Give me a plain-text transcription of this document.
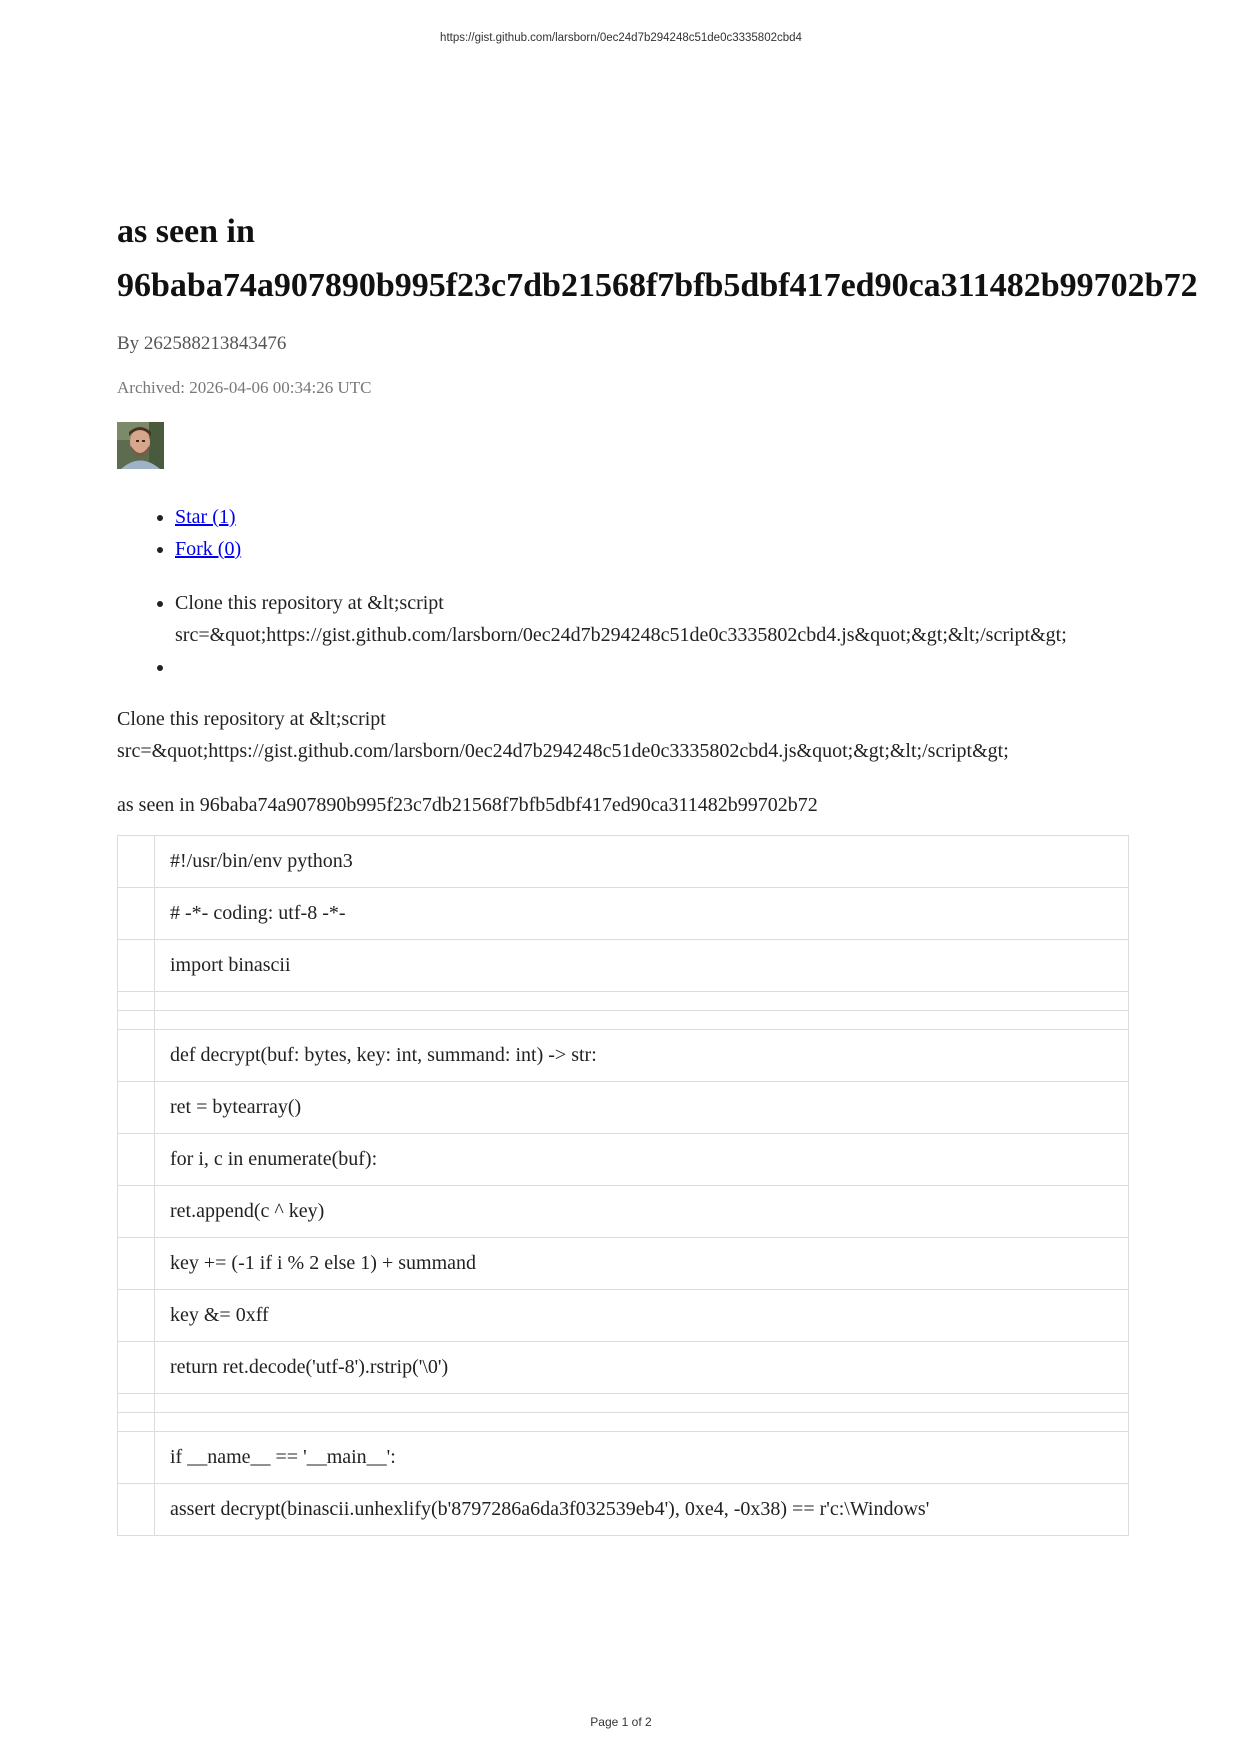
https://gist.github.com/larsborn/0ec24d7b294248c51de0c3335802cbd4
as seen in
96baba74a907890b995f23c7db21568f7bfb5dbf417ed90ca311482b99702b72
By 262588213843476
Archived: 2026-04-06 00:34:26 UTC
• Star (1)
• Fork (0)
• Clone this repository at &lt;script
src=&quot;https://gist.github.com/larsborn/0ec24d7b294248c51de0c3335802cbd4.js&quot;&gt;&lt;/script&gt;
•

Clone this repository at &lt;script
src=&quot;https://gist.github.com/larsborn/0ec24d7b294248c51de0c3335802cbd4.js&quot;&gt;&lt;/script&gt;

as seen in 96baba74a907890b995f23c7db21568f7bfb5dbf417ed90ca311482b99702b72

	#!/usr/bin/env python3
	# -*- coding: utf-8 -*-
	import binascii

	def decrypt(buf: bytes, key: int, summand: int) -> str:
	ret = bytearray()
	for i, c in enumerate(buf):
	ret.append(c ^ key)
	key += (-1 if i % 2 else 1) + summand
	key &= 0xff
	return ret.decode('utf-8').rstrip('\0')

	if __name__ == '__main__':
	assert decrypt(binascii.unhexlify(b'8797286a6da3f032539eb4'), 0xe4, -0x38) == r'c:\Windows'
Page 1 of 2
